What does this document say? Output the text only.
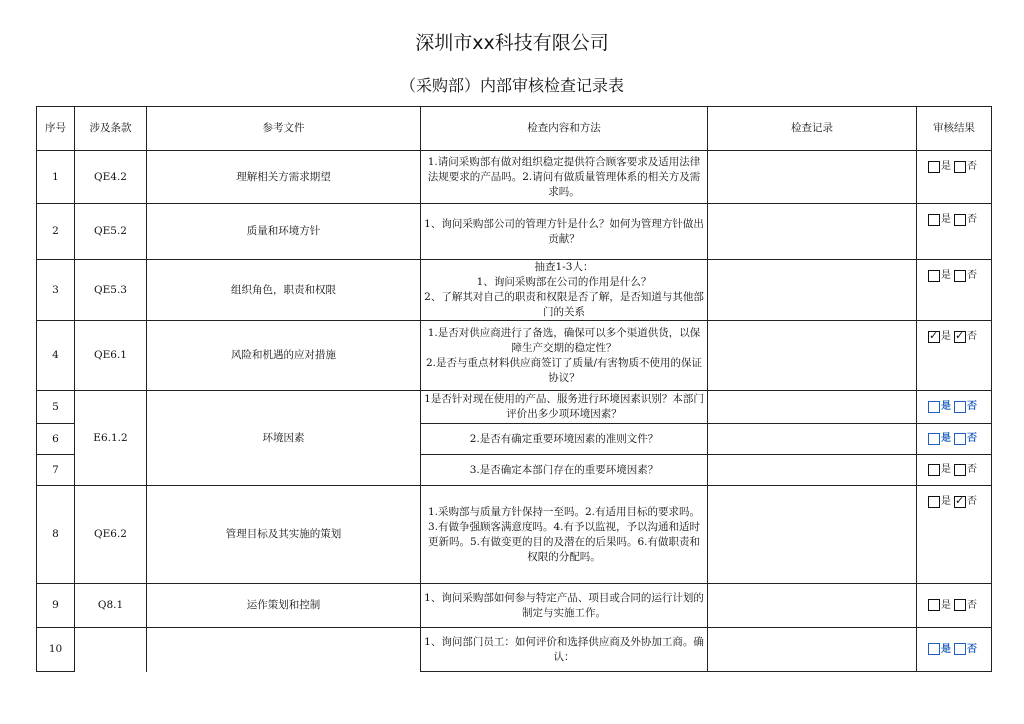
深圳市xx科技有限公司
（采购部）内部审核检查记录表
序号	涉及条款	参考文件	检查内容和方法	检查记录	审核结果
1	QE4.2	理解相关方需求期望	1.请问采购部有做对组织稳定提供符合顾客要求及适用法律法规要求的产品吗。2.请问有做质量管理体系的相关方及需求吗。		是 否
2	QE5.2	质量和环境方针	1、询问采购部公司的管理方针是什么？如何为管理方针做出贡献？		是 否
3	QE5.3	组织角色，职责和权限	抽查1-3人：
1、询问采购部在公司的作用是什么？
2、了解其对自己的职责和权限是否了解，是否知道与其他部门的关系		是 否
4	QE6.1	风险和机遇的应对措施	1.是否对供应商进行了备选，确保可以多个渠道供货，以保障生产交期的稳定性？
2.是否与重点材料供应商签订了质量/有害物质不使用的保证协议？		✓是 ✓ 否
5	E6.1.2	环境因素	1是否针对现在使用的产品、服务进行环境因素识别？本部门评价出多少项环境因素？		是 否
6			2.是否有确定重要环境因素的准则文件？		是 否
7			3.是否确定本部门存在的重要环境因素？		是 否
8	QE6.2	管理目标及其实施的策划	1.采购部与质量方针保持一至吗。2.有适用目标的要求吗。3.有做争强顾客满意度吗。4.有予以监视，予以沟通和适时更新吗。5.有做变更的目的及潜在的后果吗。6.有做职责和权限的分配吗。		是 ✓ 否
9	Q8.1	运作策划和控制	1、询问采购部如何参与特定产品、项目或合同的运行计划的制定与实施工作。		是 否
10			1、询问部门员工：如何评价和选择供应商及外协加工商。确认：		是 否
